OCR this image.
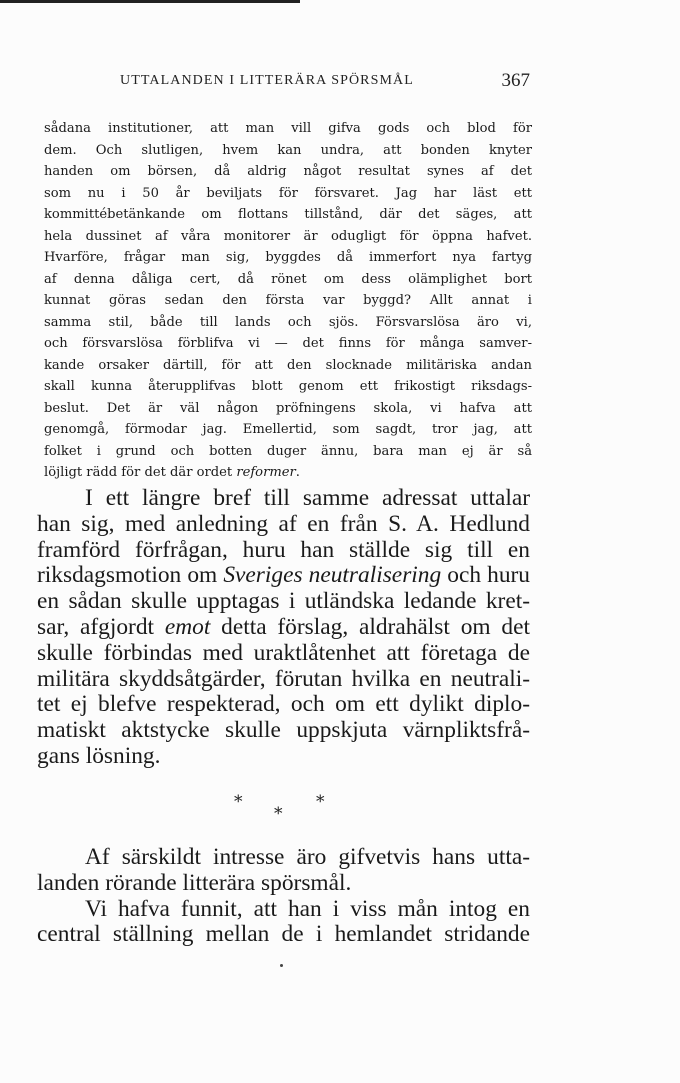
UTTALANDEN I LITTERÄRA SPÖRSMÅL	367
sådana institutioner, att man vill gifva gods och blod för
dem. Och slutligen, hvem kan undra, att bonden knyter
handen om börsen, då aldrig något resultat synes af det
som nu i 50 år beviljats för försvaret. Jag har läst ett
kommittébetänkande om flottans tillstånd, där det säges, att
hela dussinet af våra monitorer är odugligt för öppna hafvet.
Hvarföre, frågar man sig, byggdes då immerfort nya fartyg
af denna dåliga cert, då rönet om dess olämplighet bort
kunnat göras sedan den första var byggd? Allt annat i
samma stil, både till lands och sjös. Försvarslösa äro vi,
och försvarslösa förblifva vi — det finns för många samver-
kande orsaker därtill, för att den slocknade militäriska andan
skall kunna återupplifvas blott genom ett frikostigt riksdags-
beslut. Det är väl någon pröfningens skola, vi hafva att
genomgå, förmodar jag. Emellertid, som sagdt, tror jag, att
folket i grund och botten duger ännu, bara man ej är så
löjligt rädd för det där ordet reformer.
I ett längre bref till samme adressat uttalar
han sig, med anledning af en från S. A. Hedlund
framförd förfrågan, huru han ställde sig till en
riksdagsmotion om Sveriges neutralisering och huru
en sådan skulle upptagas i utländska ledande kret-
sar, afgjordt emot detta förslag, aldrahälst om det
skulle förbindas med uraktlåtenhet att företaga de
militära skyddsåtgärder, förutan hvilka en neutrali-
tet ej blefve respekterad, och om ett dylikt diplo-
matiskt aktstycke skulle uppskjuta värnpliktsfrå-
gans lösning.
*
*
*
Af särskildt intresse äro gifvetvis hans utta-
landen rörande litterära spörsmål.
Vi hafva funnit, att han i viss mån intog en
central ställning mellan de i hemlandet stridande
